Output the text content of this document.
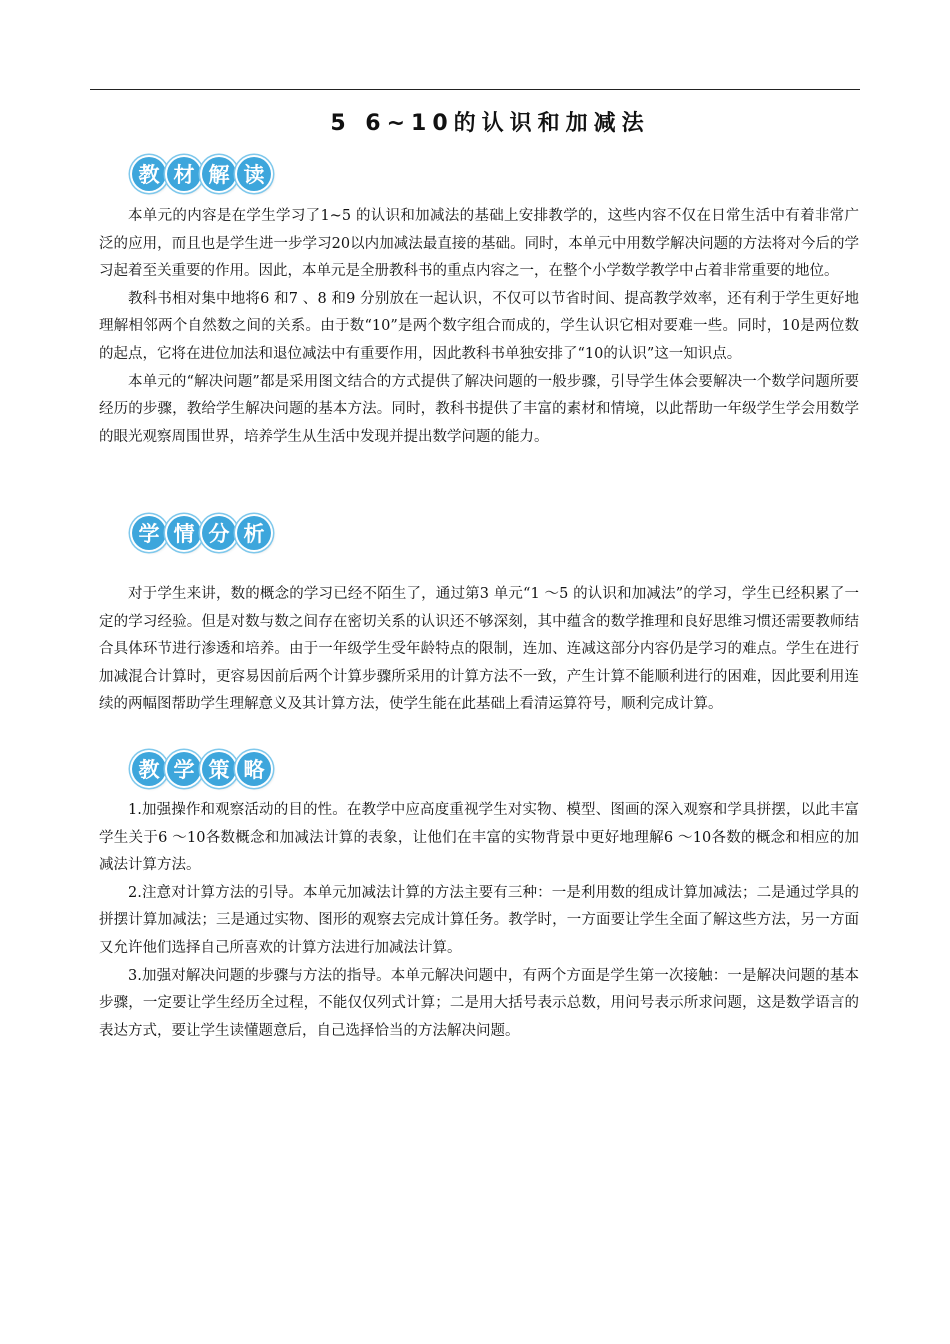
5 6~10的认识和加减法
教 材 解 读

本单元的内容是在学生学习了1~5 的认识和加减法的基础上安排教学的，这些内容不仅在日常生活中有着非常广泛的应用，而且也是学生进一步学习20以内加减法最直接的基础。同时，本单元中用数学解决问题的方法将对今后的学习起着至关重要的作用。因此，本单元是全册教科书的重点内容之一，在整个小学数学教学中占着非常重要的地位。

教科书相对集中地将6 和7 、8 和9 分别放在一起认识，不仅可以节省时间、提高教学效率，还有利于学生更好地理解相邻两个自然数之间的关系。由于数“10”是两个数字组合而成的，学生认识它相对要难一些。同时，10是两位数的起点，它将在进位加法和退位减法中有重要作用，因此教科书单独安排了“10的认识”这一知识点。

本单元的“解决问题”都是采用图文结合的方式提供了解决问题的一般步骤，引导学生体会要解决一个数学问题所要经历的步骤，教给学生解决问题的基本方法。同时，教科书提供了丰富的素材和情境，以此帮助一年级学生学会用数学的眼光观察周围世界，培养学生从生活中发现并提出数学问题的能力。

学 情 分 析

对于学生来讲，数的概念的学习已经不陌生了，通过第3 单元“1 ～5 的认识和加减法”的学习，学生已经积累了一定的学习经验。但是对数与数之间存在密切关系的认识还不够深刻，其中蕴含的数学推理和良好思维习惯还需要教师结合具体环节进行渗透和培养。由于一年级学生受年龄特点的限制，连加、连减这部分内容仍是学习的难点。学生在进行加减混合计算时，更容易因前后两个计算步骤所采用的计算方法不一致，产生计算不能顺利进行的困难，因此要利用连续的两幅图帮助学生理解意义及其计算方法，使学生能在此基础上看清运算符号，顺利完成计算。

教 学 策 略

1.加强操作和观察活动的目的性。在教学中应高度重视学生对实物、模型、图画的深入观察和学具拼摆，以此丰富学生关于6 ～10各数概念和加减法计算的表象，让他们在丰富的实物背景中更好地理解6 ～10各数的概念和相应的加减法计算方法。

2.注意对计算方法的引导。本单元加减法计算的方法主要有三种：一是利用数的组成计算加减法；二是通过学具的拼摆计算加减法；三是通过实物、图形的观察去完成计算任务。教学时，一方面要让学生全面了解这些方法，另一方面又允许他们选择自己所喜欢的计算方法进行加减法计算。

3.加强对解决问题的步骤与方法的指导。本单元解决问题中，有两个方面是学生第一次接触：一是解决问题的基本步骤，一定要让学生经历全过程，不能仅仅列式计算；二是用大括号表示总数，用问号表示所求问题，这是数学语言的表达方式，要让学生读懂题意后，自己选择恰当的方法解决问题。
